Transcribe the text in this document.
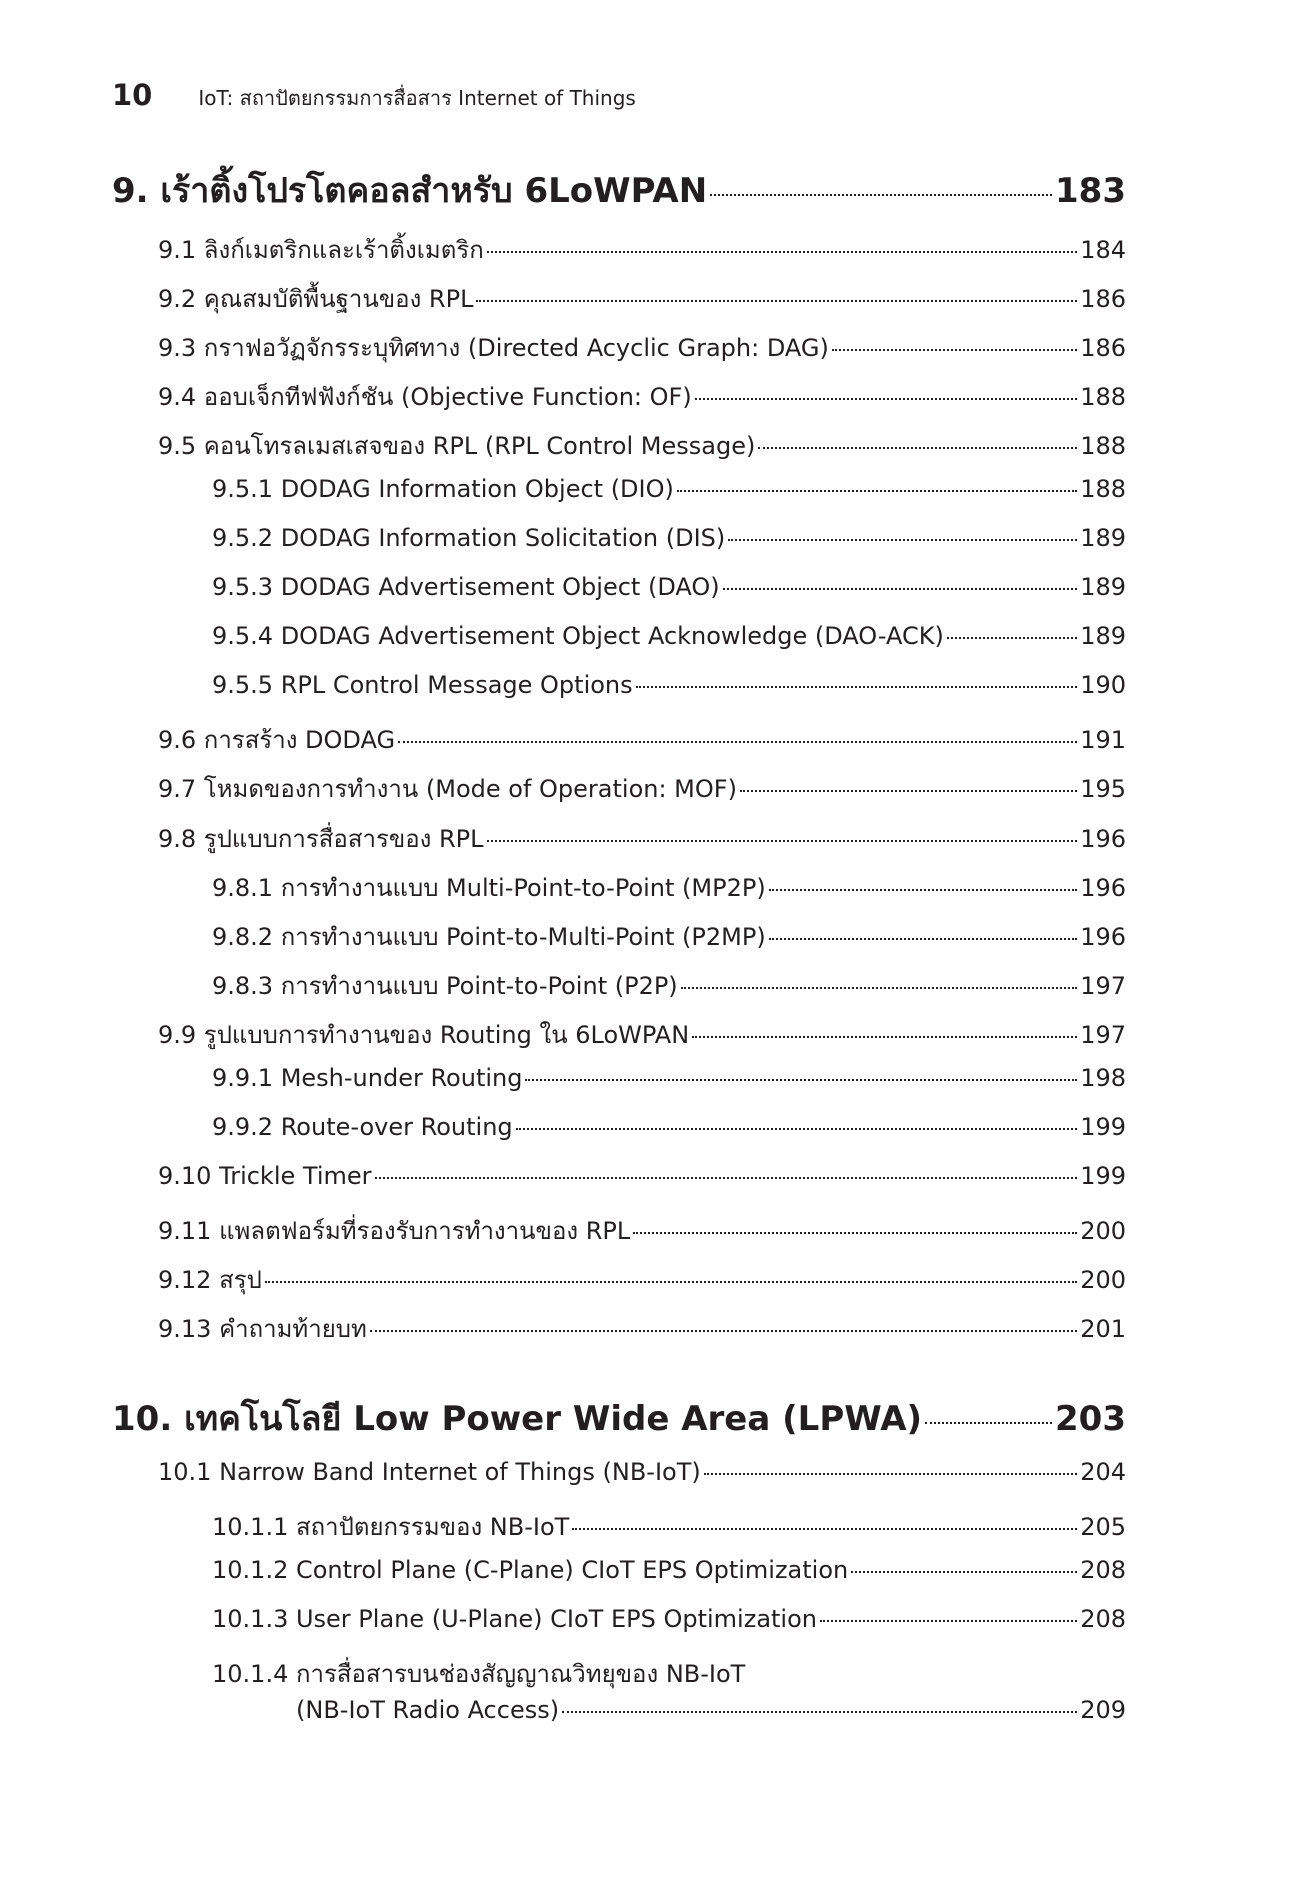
10 IoT: สถาปัตยกรรมการสื่อสาร Internet of Things
9. เร้าติ้งโปรโตคอลสำหรับ 6LoWPAN	183
9.1 ลิงก์เมตริกและเร้าติ้งเมตริก	184
9.2 คุณสมบัติพื้นฐานของ RPL	186
9.3 กราฟอวัฏจักรระบุทิศทาง (Directed Acyclic Graph: DAG)	186
9.4 ออบเจ็กทีฟฟังก์ชัน (Objective Function: OF)	188
9.5 คอนโทรลเมสเสจของ RPL (RPL Control Message)	188
9.5.1 DODAG Information Object (DIO)	188
9.5.2 DODAG Information Solicitation (DIS)	189
9.5.3 DODAG Advertisement Object (DAO)	189
9.5.4 DODAG Advertisement Object Acknowledge (DAO-ACK)	189
9.5.5 RPL Control Message Options	190
9.6 การสร้าง DODAG	191
9.7 โหมดของการทำงาน (Mode of Operation: MOF)	195
9.8 รูปแบบการสื่อสารของ RPL	196
9.8.1 การทำงานแบบ Multi-Point-to-Point (MP2P)	196
9.8.2 การทำงานแบบ Point-to-Multi-Point (P2MP)	196
9.8.3 การทำงานแบบ Point-to-Point (P2P)	197
9.9 รูปแบบการทำงานของ Routing ใน 6LoWPAN	197
9.9.1 Mesh-under Routing	198
9.9.2 Route-over Routing	199
9.10 Trickle Timer	199
9.11 แพลตฟอร์มที่รองรับการทำงานของ RPL	200
9.12 สรุป	200
9.13 คำถามท้ายบท	201
10. เทคโนโลยี Low Power Wide Area (LPWA)	203
10.1 Narrow Band Internet of Things (NB-IoT)	204
10.1.1 สถาปัตยกรรมของ NB-IoT	205
10.1.2 Control Plane (C-Plane) CIoT EPS Optimization	208
10.1.3 User Plane (U-Plane) CIoT EPS Optimization	208
10.1.4 การสื่อสารบนช่องสัญญาณวิทยุของ NB-IoT
(NB-IoT Radio Access)	209
